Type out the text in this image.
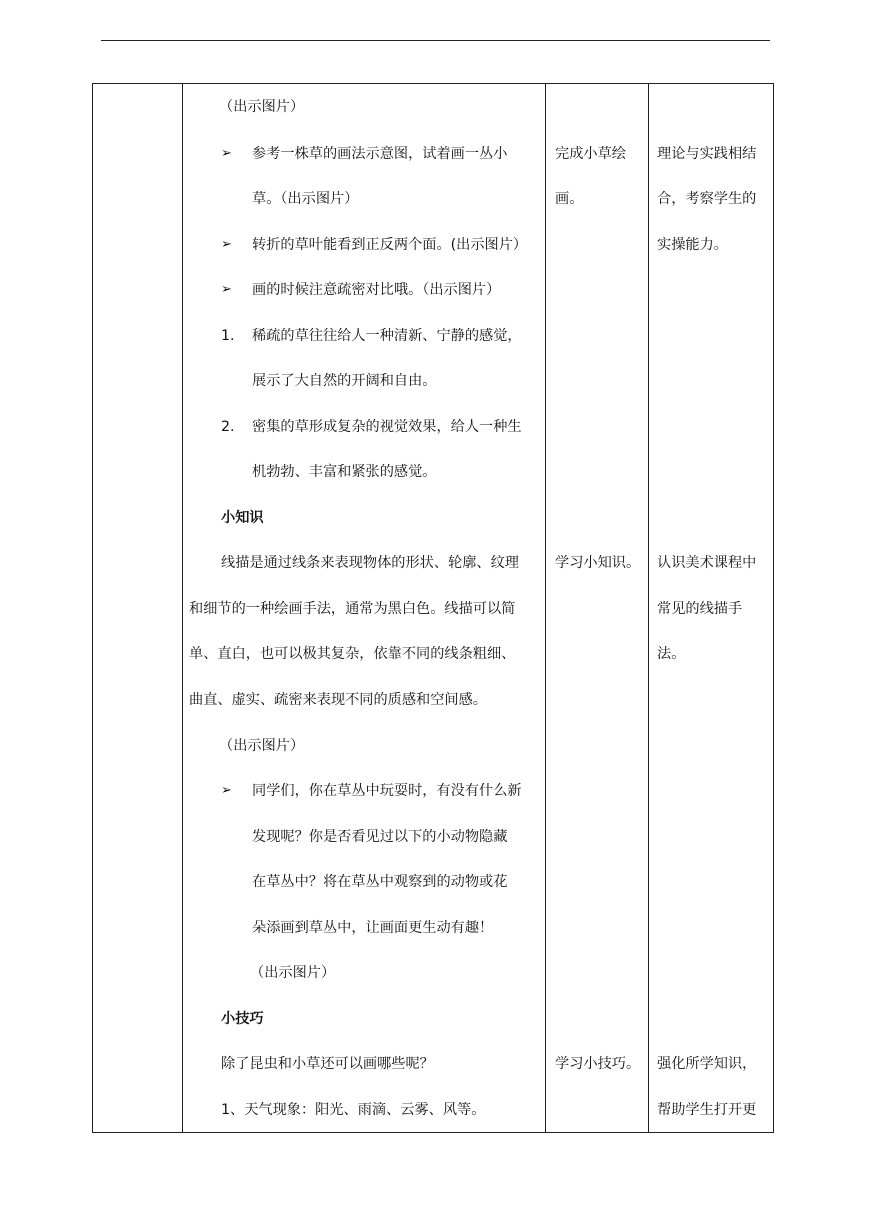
（出示图片）
➢ 参考一株草的画法示意图，试着画一丛小
草。（出示图片）
➢ 转折的草叶能看到正反两个面。(出示图片）
➢ 画的时候注意疏密对比哦。（出示图片）
1. 稀疏的草往往给人一种清新、宁静的感觉，
展示了大自然的开阔和自由。
2. 密集的草形成复杂的视觉效果，给人一种生
机勃勃、丰富和紧张的感觉。
小知识
线描是通过线条来表现物体的形状、轮廓、纹理
和细节的一种绘画手法，通常为黑白色。线描可以简
单、直白，也可以极其复杂，依靠不同的线条粗细、
曲直、虚实、疏密来表现不同的质感和空间感。
（出示图片）
➢ 同学们，你在草丛中玩耍时，有没有什么新
发现呢？你是否看见过以下的小动物隐藏
在草丛中？将在草丛中观察到的动物或花
朵添画到草丛中，让画面更生动有趣！
（出示图片）
小技巧
除了昆虫和小草还可以画哪些呢？
1、天气现象：阳光、雨滴、云雾、风等。
完成小草绘
画。
学习小知识。
学习小技巧。
理论与实践相结
合，考察学生的
实操能力。
认识美术课程中
常见的线描手
法。
强化所学知识，
帮助学生打开更
